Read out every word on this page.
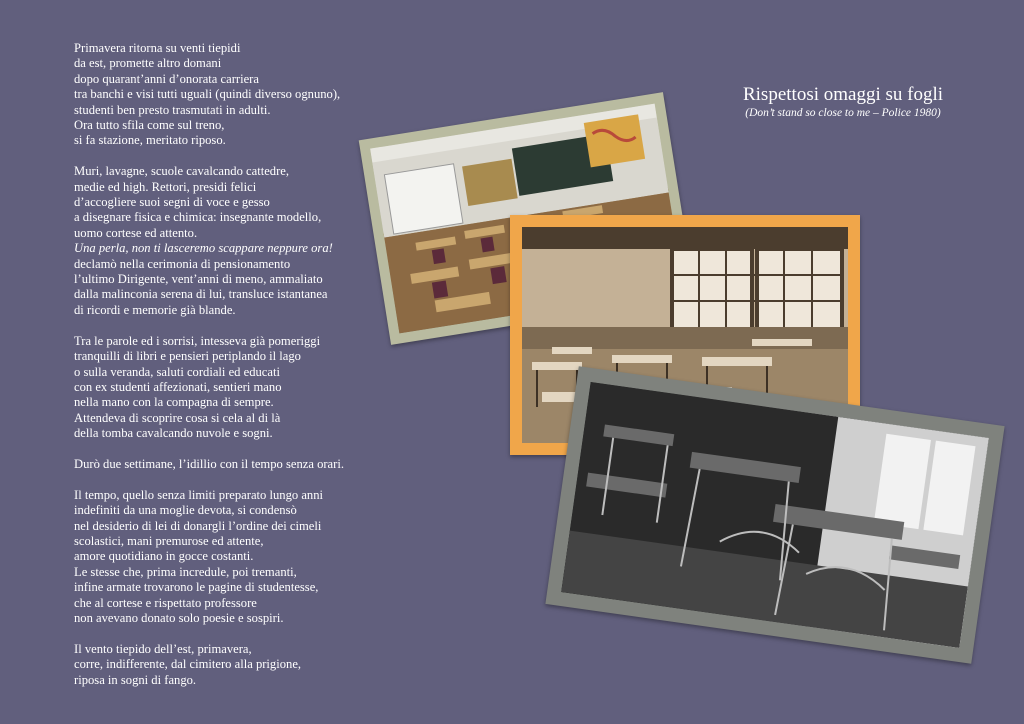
Primavera ritorna su venti tiepidi
da est, promette altro domani
dopo quarant’anni d’onorata carriera
tra banchi e visi tutti uguali (quindi diverso ognuno),
studenti ben presto trasmutati in adulti.
Ora tutto sfila come sul treno,
si fa stazione, meritato riposo.
Muri, lavagne, scuole cavalcando cattedre,
medie ed high. Rettori, presidi felici
d’accogliere suoi segni di voce e gesso
a disegnare fisica e chimica: insegnante modello,
uomo cortese ed attento.
Una perla, non ti lasceremo scappare neppure ora!
declamò nella cerimonia di pensionamento
l’ultimo Dirigente, vent’anni di meno, ammaliato
dalla malinconia serena di lui, transluce istantanea
di ricordi e memorie già blande.
Tra le parole ed i sorrisi, intesseva già pomeriggi
tranquilli di libri e pensieri periplando il lago
o sulla veranda, saluti cordiali ed educati
con ex studenti affezionati, sentieri mano
nella mano con la compagna di sempre.
Attendeva di scoprire cosa si cela al di là
della tomba cavalcando nuvole e sogni.
Durò due settimane, l’idillio con il tempo senza orari.
Il tempo, quello senza limiti preparato lungo anni
indefiniti da una moglie devota, si condensò
nel desiderio di lei di donargli l’ordine dei cimeli
scolastici, mani premurose ed attente,
amore quotidiano in gocce costanti.
Le stesse che, prima incredule, poi tremanti,
infine armate trovarono le pagine di studentesse,
che al cortese e rispettato professore
non avevano donato solo poesie e sospiri.
Il vento tiepido dell’est, primavera,
corre, indifferente, dal cimitero alla prigione,
riposa in sogni di fango.
Rispettosi omaggi su fogli
(Don’t stand so close to me – Police 1980)
